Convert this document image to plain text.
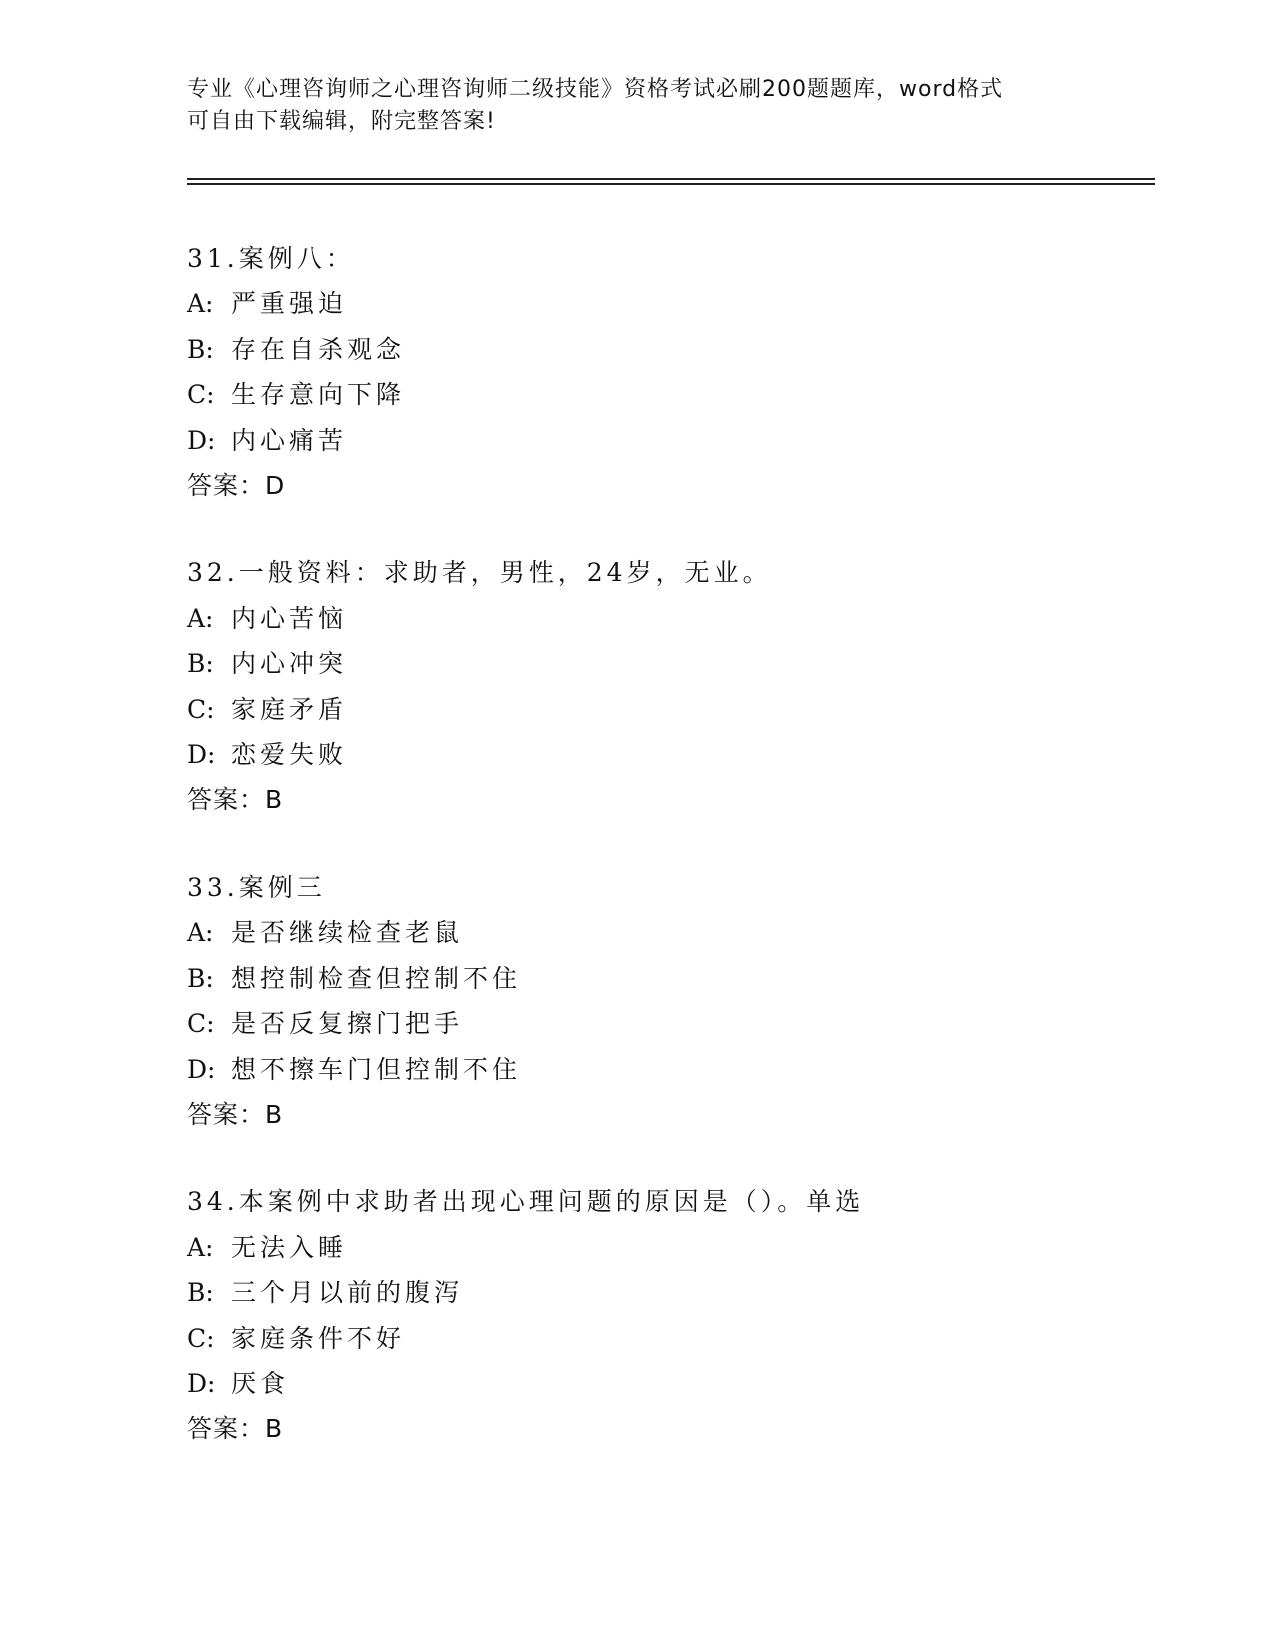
专业《心理咨询师之心理咨询师二级技能》资格考试必刷200题题库，word格式
可自由下载编辑，附完整答案!
31.案例八：
A: 严重强迫
B: 存在自杀观念
C: 生存意向下降
D: 内心痛苦
答案：D
32.一般资料：求助者，男性，24岁，无业。
A: 内心苦恼
B: 内心冲突
C: 家庭矛盾
D: 恋爱失败
答案：B
33.案例三
A: 是否继续检查老鼠
B: 想控制检查但控制不住
C: 是否反复擦门把手
D: 想不擦车门但控制不住
答案：B
34.本案例中求助者出现心理问题的原因是（）。单选
A: 无法入睡
B: 三个月以前的腹泻
C: 家庭条件不好
D: 厌食
答案：B
